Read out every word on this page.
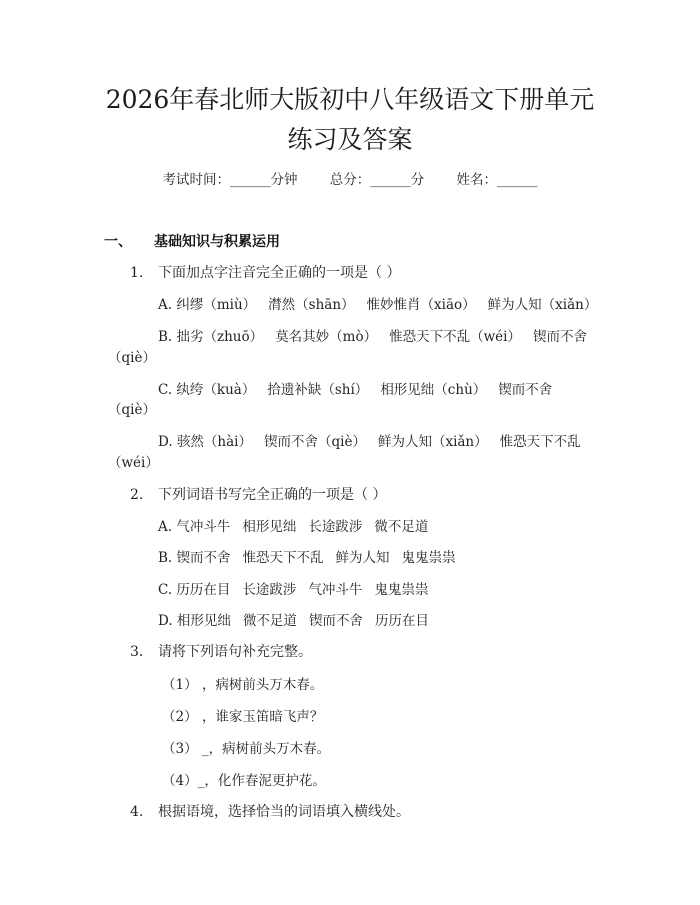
2026年春北师大版初中八年级语文下册单元
练习及答案
考试时间：______分钟 总分：______分 姓名：______
一、 基础知识与积累运用
1. 下面加点字注音完全正确的一项是（ ）
A. 纠缪（miù） 潸然（shān） 惟妙惟肖（xiāo） 鲜为人知（xiǎn）
B. 拙劣（zhuō） 莫名其妙（mò） 惟恐天下不乱（wéi） 锲而不舍
（qiè）
C. 纨绔（kuà） 拾遗补缺（shí） 相形见绌（chù） 锲而不舍
（qiè）
D. 骇然（hài） 锲而不舍（qiè） 鲜为人知（xiǎn） 惟恐天下不乱
（wéi）
2. 下列词语书写完全正确的一项是（ ）
A. 气冲斗牛 相形见绌 长途跋涉 微不足道
B. 锲而不舍 惟恐天下不乱 鲜为人知 鬼鬼祟祟
C. 历历在目 长途跋涉 气冲斗牛 鬼鬼祟祟
D. 相形见绌 微不足道 锲而不舍 历历在目
3. 请将下列语句补充完整。
（1） ，病树前头万木春。
（2） ，谁家玉笛暗飞声？
（3） _，病树前头万木春。
（4）_，化作春泥更护花。
4. 根据语境，选择恰当的词语填入横线处。
